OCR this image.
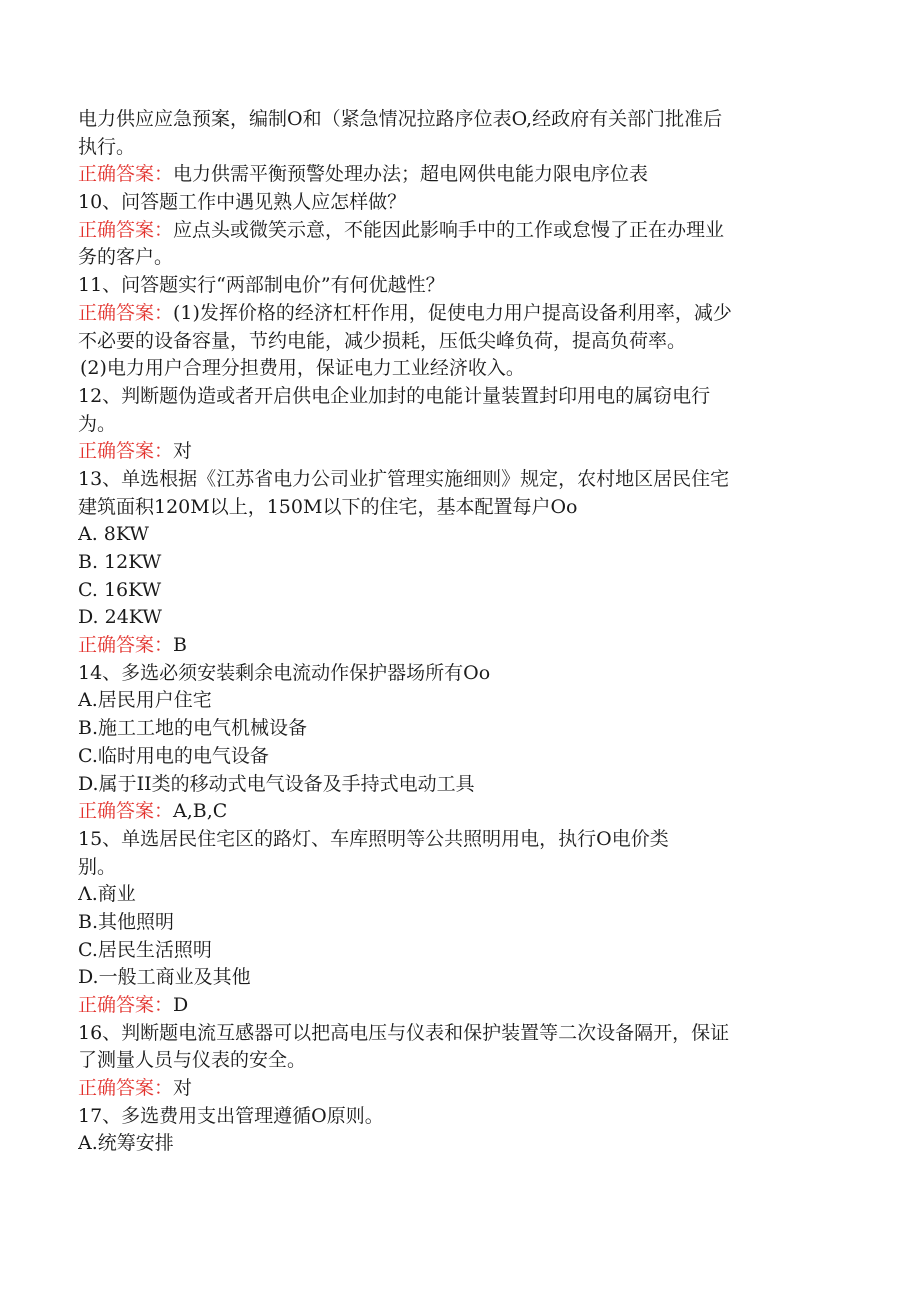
电力供应应急预案，编制O和（紧急情况拉路序位表O,经政府有关部门批准后
执行。
正确答案：电力供需平衡预警处理办法；超电网供电能力限电序位表
10、问答题工作中遇见熟人应怎样做？
正确答案：应点头或微笑示意，不能因此影响手中的工作或怠慢了正在办理业
务的客户。
11、问答题实行“两部制电价”有何优越性？
正确答案：(1)发挥价格的经济杠杆作用，促使电力用户提高设备利用率，减少
不必要的设备容量，节约电能，减少损耗，压低尖峰负荷，提高负荷率。
(2)电力用户合理分担费用，保证电力工业经济收入。
12、判断题伪造或者开启供电企业加封的电能计量装置封印用电的属窃电行
为。
正确答案：对
13、单选根据《江苏省电力公司业扩管理实施细则》规定，农村地区居民住宅
建筑面积120M以上，150M以下的住宅，基本配置每户Oo
A. 8KW
B. 12KW
C. 16KW
D. 24KW
正确答案：B
14、多选必须安装剩余电流动作保护器场所有Oo
A.居民用户住宅
B.施工工地的电气机械设备
C.临时用电的电气设备
D.属于II类的移动式电气设备及手持式电动工具
正确答案：A,B,C
15、单选居民住宅区的路灯、车库照明等公共照明用电，执行O电价类
别。
Λ.商业
B.其他照明
C.居民生活照明
D.一般工商业及其他
正确答案：D
16、判断题电流互感器可以把高电压与仪表和保护装置等二次设备隔开，保证
了测量人员与仪表的安全。
正确答案：对
17、多选费用支出管理遵循O原则。
A.统筹安排
